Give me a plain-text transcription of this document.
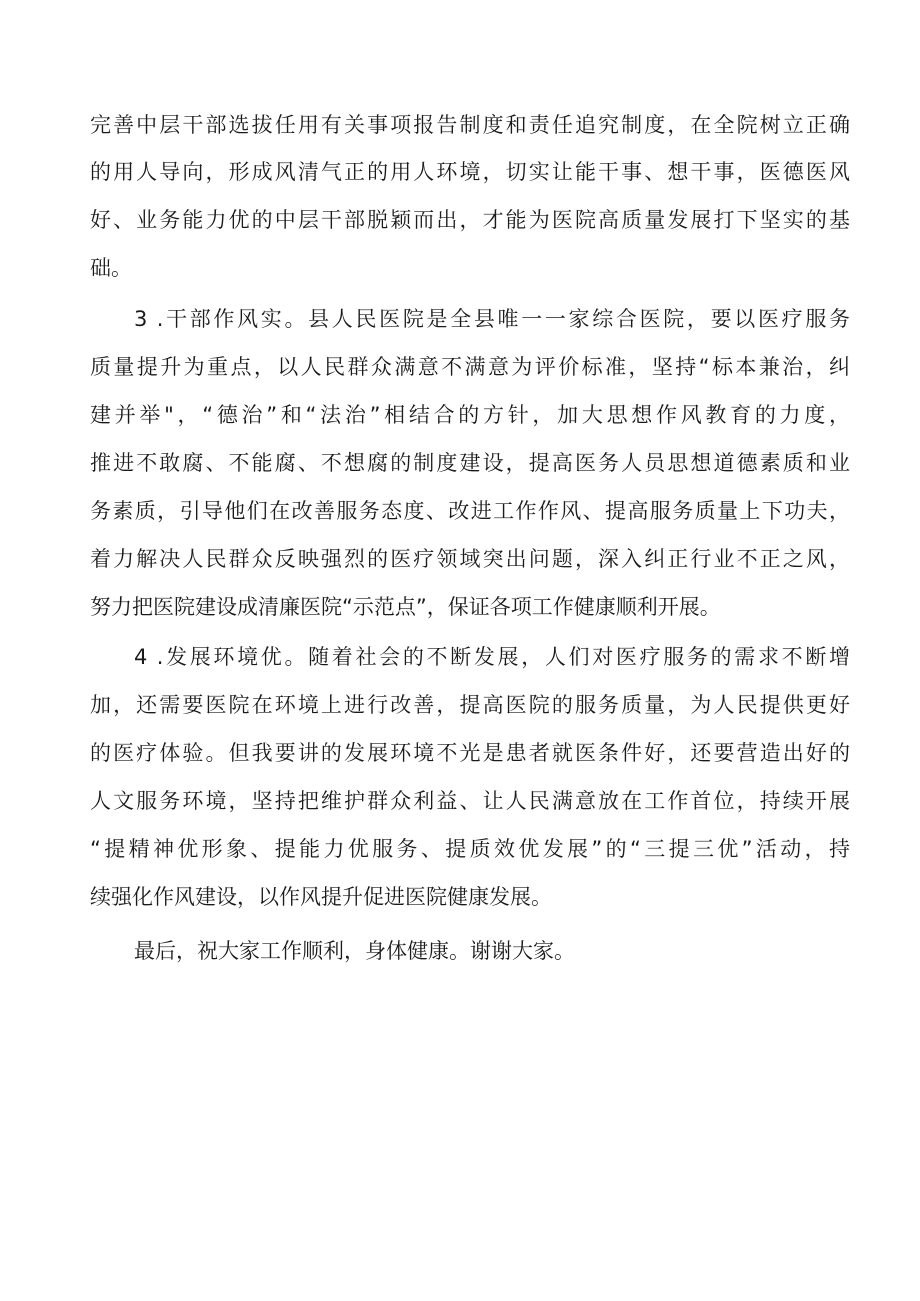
完善中层干部选拔任用有关事项报告制度和责任追究制度，在全院树立正确
的用人导向，形成风清气正的用人环境，切实让能干事、想干事，医德医风
好、业务能力优的中层干部脱颖而出，才能为医院高质量发展打下坚实的基
础。
3 .干部作风实。县人民医院是全县唯一一家综合医院，要以医疗服务
质量提升为重点，以人民群众满意不满意为评价标准，坚持“标本兼治，纠
建并举"，“德治”和“法治”相结合的方针，加大思想作风教育的力度，
推进不敢腐、不能腐、不想腐的制度建设，提高医务人员思想道德素质和业
务素质，引导他们在改善服务态度、改进工作作风、提高服务质量上下功夫，
着力解决人民群众反映强烈的医疗领域突出问题，深入纠正行业不正之风，
努力把医院建设成清廉医院“示范点”，保证各项工作健康顺利开展。
4 .发展环境优。随着社会的不断发展，人们对医疗服务的需求不断增
加，还需要医院在环境上进行改善，提高医院的服务质量，为人民提供更好
的医疗体验。但我要讲的发展环境不光是患者就医条件好，还要营造出好的
人文服务环境，坚持把维护群众利益、让人民满意放在工作首位，持续开展
“提精神优形象、提能力优服务、提质效优发展”的“三提三优”活动，持
续强化作风建设，以作风提升促进医院健康发展。
最后，祝大家工作顺利，身体健康。谢谢大家。
